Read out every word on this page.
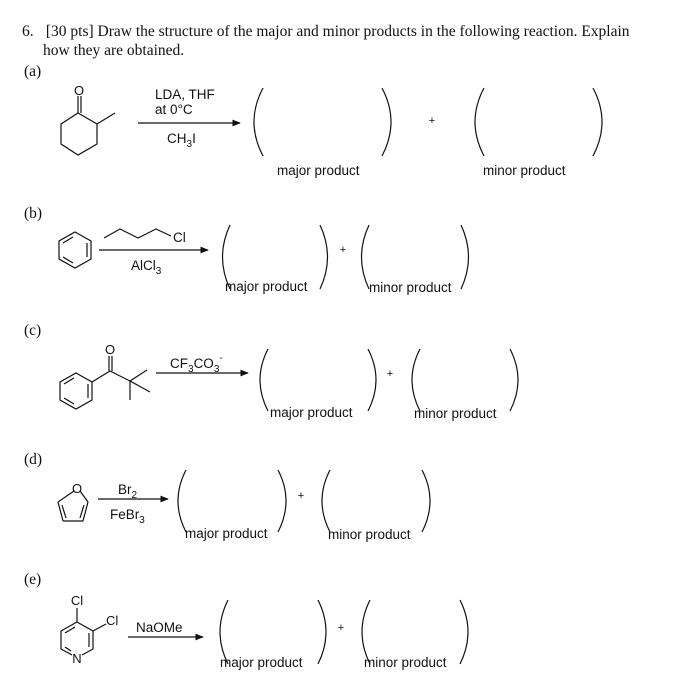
6. [30 pts] Draw the structure of the major and minor products in the following reaction. Explain
how they are obtained.
(a)
(b)
(c)
(d)
(e)
O	LDA, THF
at 0°C
$CH_3I$
+
major product	minor product
Cl
AlCl$_3$
+
major product	minor product
O
$CF_3CO_3^-$
+
major product	minor product
O	$Br_2$
FeBr$_3$
+
major product	minor product
Cl
Cl
N
NaOMe	+
major product	minor product
